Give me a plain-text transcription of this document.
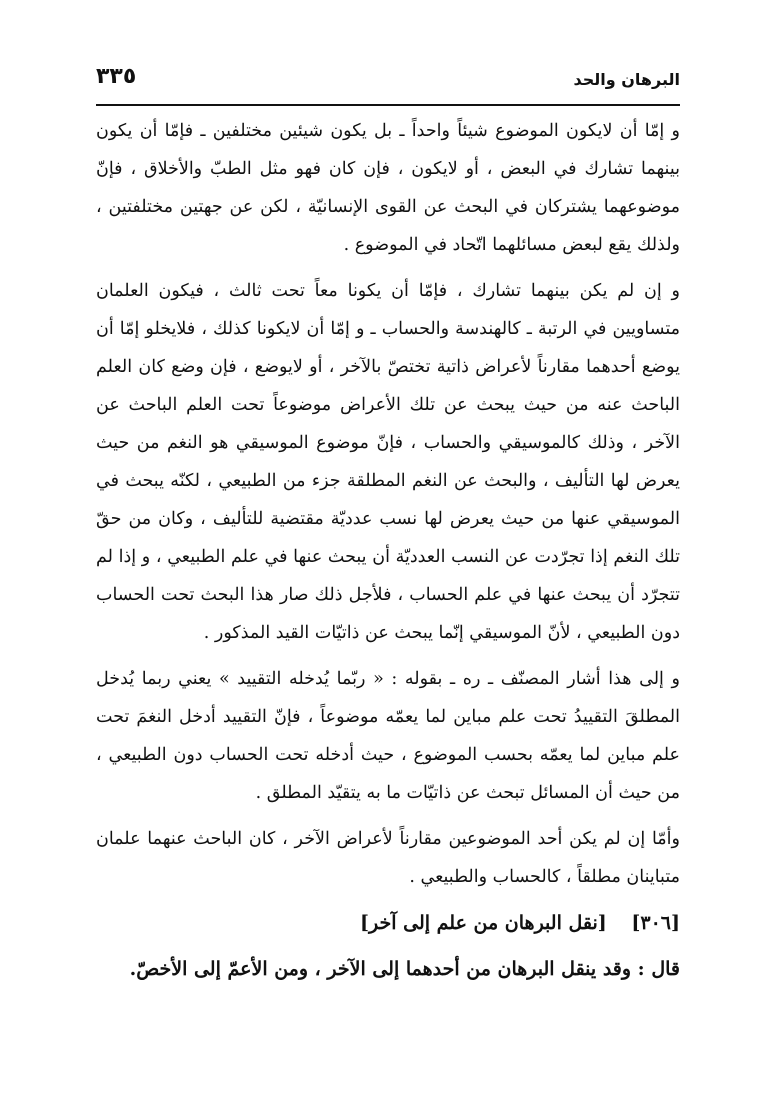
البرهان والحد
٣٣٥

و إمّا أن لايكون الموضوع شيئاً واحداً ـ بل يكون شيئين مختلفين ـ فإمّا أن يكون بينهما تشارك في البعض ، أو لايكون ، فإن كان فهو مثل الطبّ والأخلاق ، فإنّ موضوعهما يشتركان في البحث عن القوى الإنسانيّة ، لكن عن جهتين مختلفتين ، ولذلك يقع لبعض مسائلهما اتّحاد في الموضوع .

و إن لم يكن بينهما تشارك ، فإمّا أن يكونا معاً تحت ثالث ، فيكون العلمان متساويين في الرتبة ـ كالهندسة والحساب ـ و إمّا أن لايكونا كذلك ، فلايخلو إمّا أن يوضع أحدهما مقارناً لأعراض ذاتية تختصّ بالآخر ، أو لايوضع ، فإن وضع كان العلم الباحث عنه من حيث يبحث عن تلك الأعراض موضوعاً تحت العلم الباحث عن الآخر ، وذلك كالموسيقي والحساب ، فإنّ موضوع الموسيقي هو النغم من حيث يعرض لها التأليف ، والبحث عن النغم المطلقة جزء من الطبيعي ، لكنّه يبحث في الموسيقي عنها من حيث يعرض لها نسب عدديّة مقتضية للتأليف ، وكان من حقّ تلك النغم إذا تجرّدت عن النسب العدديّة أن يبحث عنها في علم الطبيعي ، و إذا لم تتجرّد أن يبحث عنها في علم الحساب ، فلأجل ذلك صار هذا البحث تحت الحساب دون الطبيعي ، لأنّ الموسيقي إنّما يبحث عن ذاتيّات القيد المذكور .

و إلى هذا أشار المصنّف ـ ره ـ بقوله : « ربّما يُدخله التقييد » يعني ربما يُدخل المطلقَ التقييدُ تحت علم مباين لما يعمّه موضوعاً ، فإنّ التقييد أدخل النغمَ تحت علم مباين لما يعمّه بحسب الموضوع ، حيث أدخله تحت الحساب دون الطبيعي ، من حيث أن المسائل تبحث عن ذاتيّات ما به يتقيّد المطلق .

وأمّا إن لم يكن أحد الموضوعين مقارناً لأعراض الآخر ، كان الباحث عنهما علمان متباينان مطلقاً ، كالحساب والطبيعي .

[٣٠٦] [نقل البرهان من علم إلى آخر]
قال : وقد ينقل البرهان من أحدهما إلى الآخر ، ومن الأعمّ إلى الأخصّ.
